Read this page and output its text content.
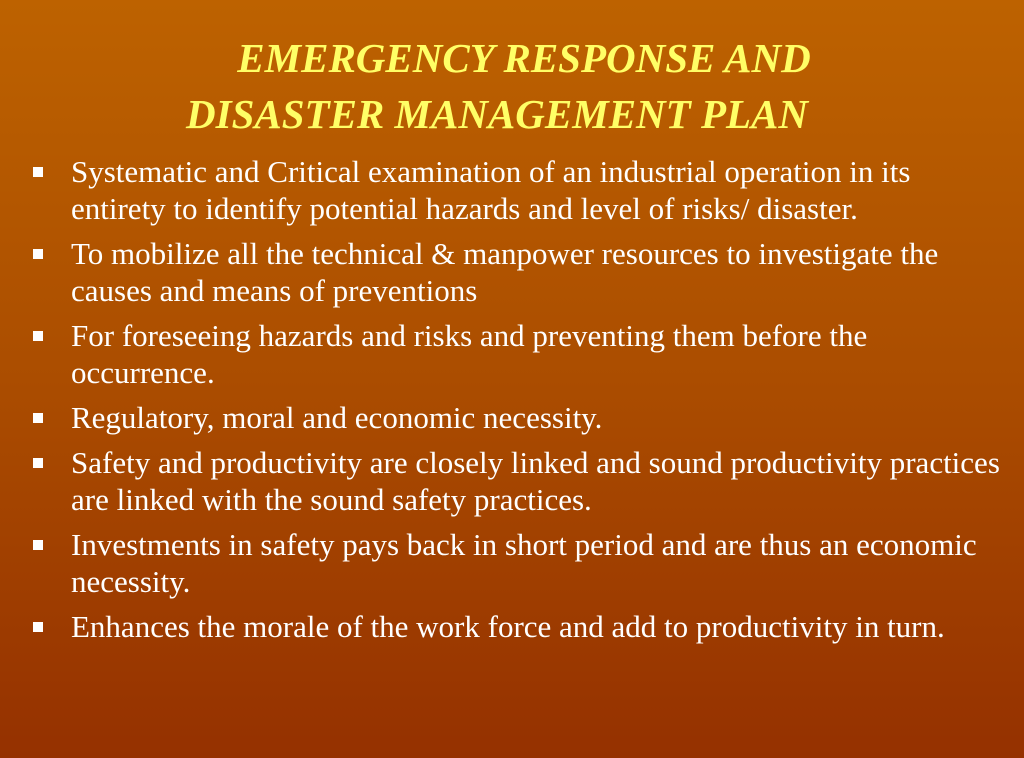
EMERGENCY RESPONSE AND
DISASTER MANAGEMENT PLAN
Systematic and Critical examination of an industrial operation in its entirety to identify potential hazards and level of risks/ disaster.
To mobilize all the technical & manpower resources to investigate the causes and means of preventions
For foreseeing hazards and risks and preventing them before the occurrence.
Regulatory, moral and economic necessity.
Safety and productivity are closely linked and sound productivity practices are linked with the sound safety practices.
Investments in safety pays back in short period and are thus an economic necessity.
Enhances the morale of the work force and add to productivity in turn.
